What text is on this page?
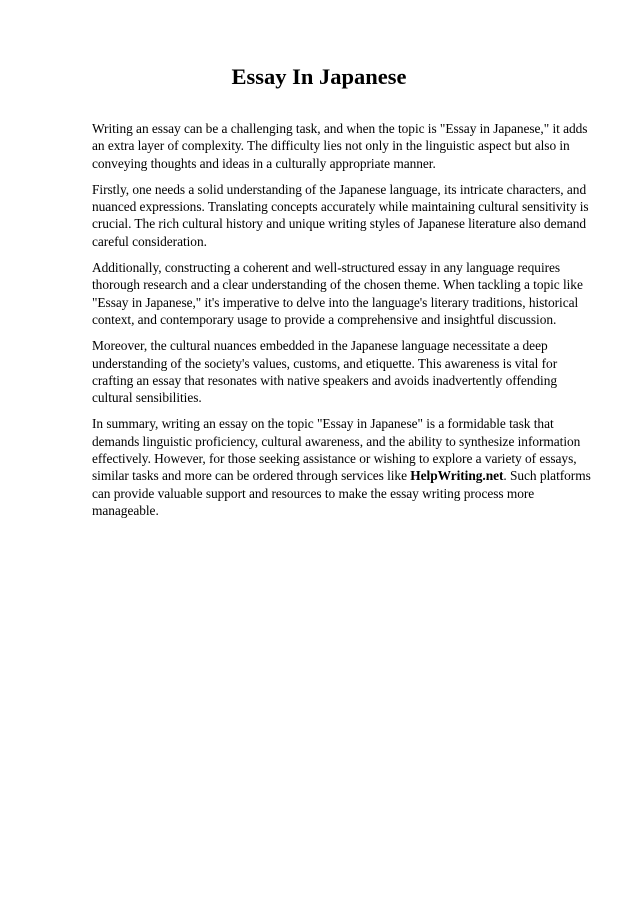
Essay In Japanese

Writing an essay can be a challenging task, and when the topic is "Essay in Japanese," it adds an extra layer of complexity. The difficulty lies not only in the linguistic aspect but also in conveying thoughts and ideas in a culturally appropriate manner.

Firstly, one needs a solid understanding of the Japanese language, its intricate characters, and nuanced expressions. Translating concepts accurately while maintaining cultural sensitivity is crucial. The rich cultural history and unique writing styles of Japanese literature also demand careful consideration.

Additionally, constructing a coherent and well-structured essay in any language requires thorough research and a clear understanding of the chosen theme. When tackling a topic like "Essay in Japanese," it's imperative to delve into the language's literary traditions, historical context, and contemporary usage to provide a comprehensive and insightful discussion.

Moreover, the cultural nuances embedded in the Japanese language necessitate a deep understanding of the society's values, customs, and etiquette. This awareness is vital for crafting an essay that resonates with native speakers and avoids inadvertently offending cultural sensibilities.

In summary, writing an essay on the topic "Essay in Japanese" is a formidable task that demands linguistic proficiency, cultural awareness, and the ability to synthesize information effectively. However, for those seeking assistance or wishing to explore a variety of essays, similar tasks and more can be ordered through services like HelpWriting.net. Such platforms can provide valuable support and resources to make the essay writing process more manageable.
